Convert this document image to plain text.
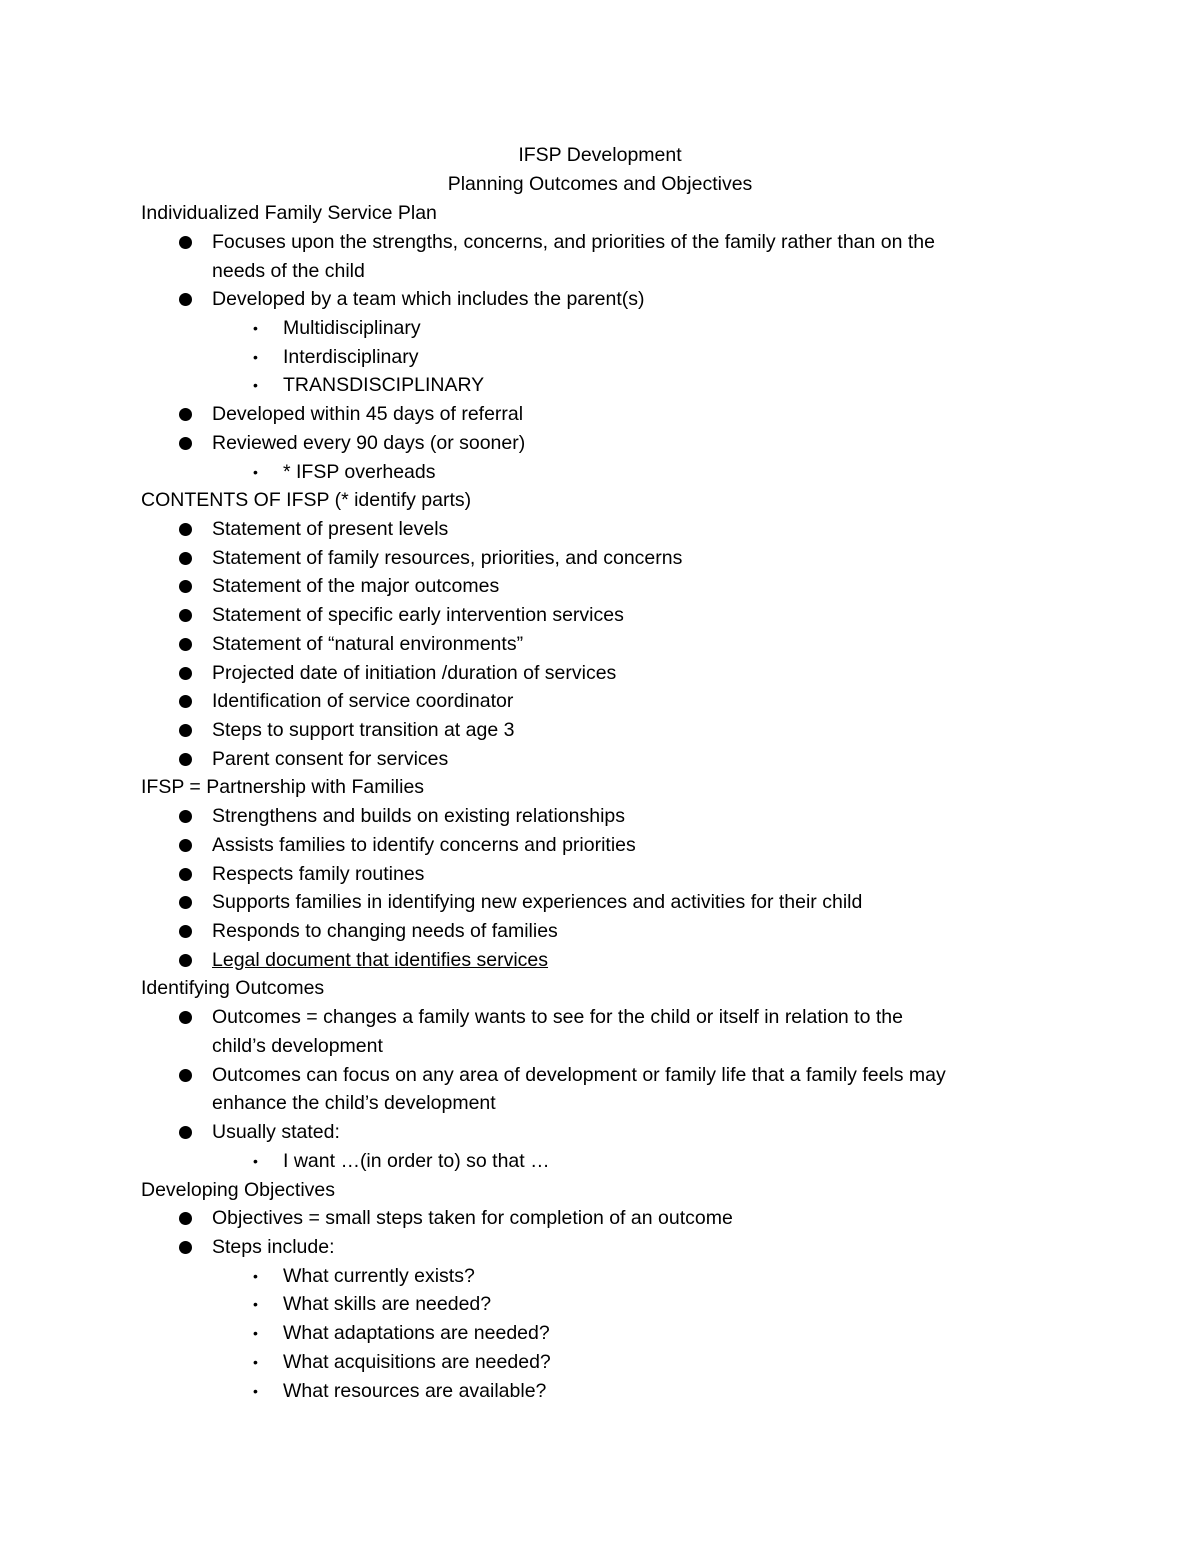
IFSP Development
Planning Outcomes and Objectives
Individualized Family Service Plan
Focuses upon the strengths, concerns, and priorities of the family rather than on the
needs of the child
Developed by a team which includes the parent(s)
• Multidisciplinary
• Interdisciplinary
• TRANSDISCIPLINARY
Developed within 45 days of referral
Reviewed every 90 days (or sooner)
• * IFSP overheads
CONTENTS OF IFSP (* identify parts)
Statement of present levels
Statement of family resources, priorities, and concerns
Statement of the major outcomes
Statement of specific early intervention services
Statement of “natural environments”
Projected date of initiation /duration of services
Identification of service coordinator
Steps to support transition at age 3
Parent consent for services
IFSP = Partnership with Families
Strengthens and builds on existing relationships
Assists families to identify concerns and priorities
Respects family routines
Supports families in identifying new experiences and activities for their child
Responds to changing needs of families
Legal document that identifies services
Identifying Outcomes
Outcomes = changes a family wants to see for the child or itself in relation to the
child’s development
Outcomes can focus on any area of development or family life that a family feels may
enhance the child’s development
Usually stated:
• I want …(in order to) so that …
Developing Objectives
Objectives = small steps taken for completion of an outcome
Steps include:
• What currently exists?
• What skills are needed?
• What adaptations are needed?
• What acquisitions are needed?
• What resources are available?
